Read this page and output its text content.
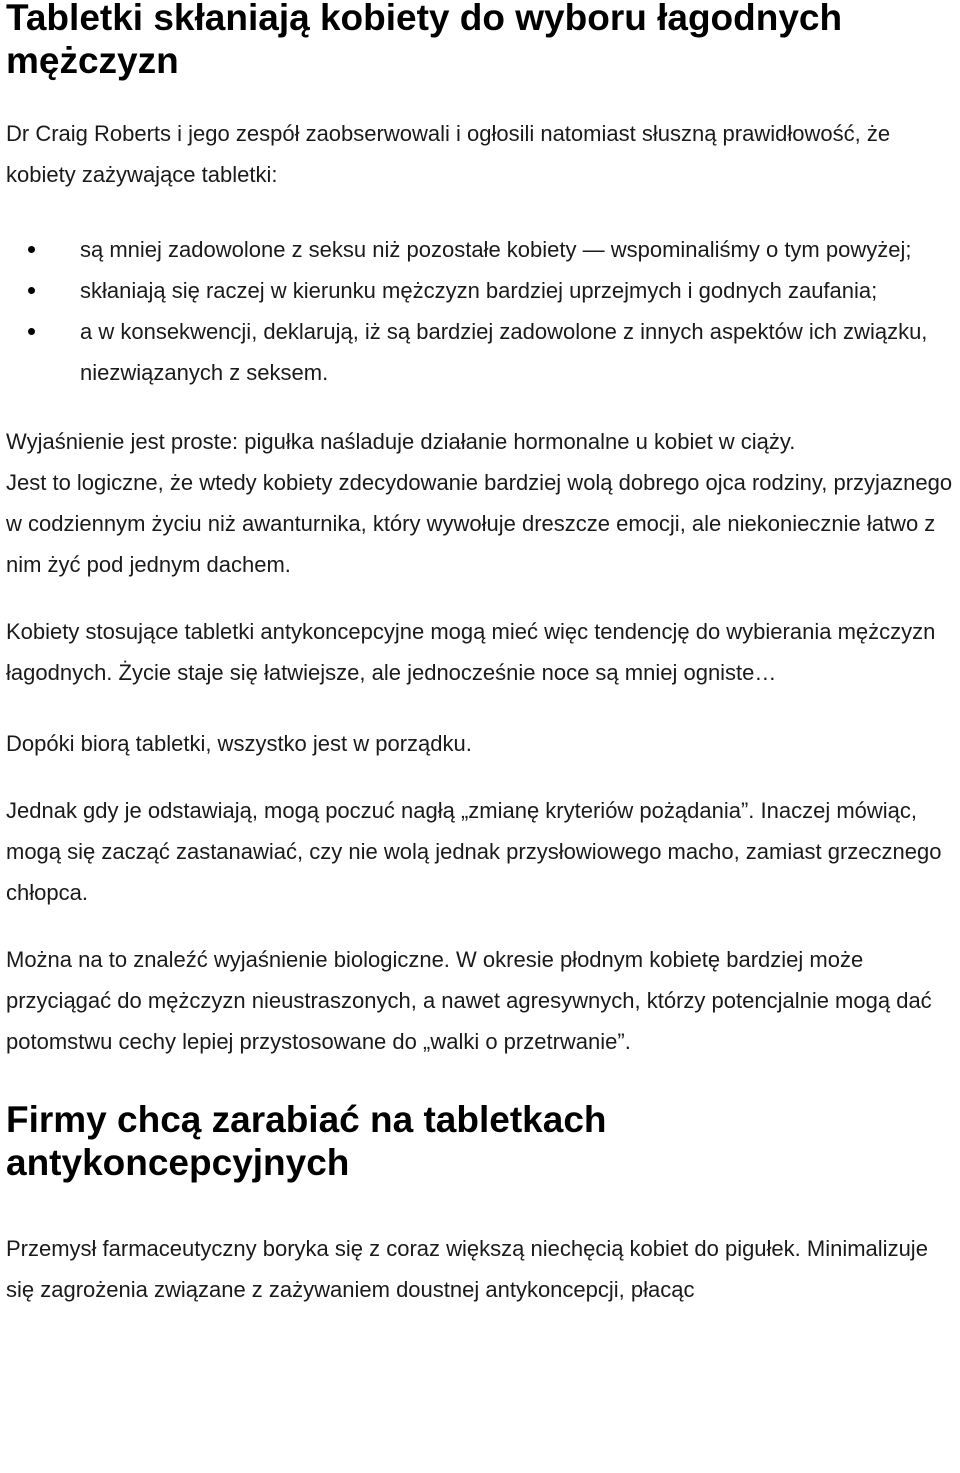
Tabletki skłaniają kobiety do wyboru łagodnych mężczyzn

Dr Craig Roberts i jego zespół zaobserwowali i ogłosili natomiast słuszną prawidłowość, że kobiety zażywające tabletki:

są mniej zadowolone z seksu niż pozostałe kobiety — wspominaliśmy o tym powyżej;
skłaniają się raczej w kierunku mężczyzn bardziej uprzejmych i godnych zaufania;
a w konsekwencji, deklarują, iż są bardziej zadowolone z innych aspektów ich związku, niezwiązanych z seksem.

Wyjaśnienie jest proste: pigułka naśladuje działanie hormonalne u kobiet w ciąży.

Jest to logiczne, że wtedy kobiety zdecydowanie bardziej wolą dobrego ojca rodziny, przyjaznego w codziennym życiu niż awanturnika, który wywołuje dreszcze emocji, ale niekoniecznie łatwo z nim żyć pod jednym dachem.

Kobiety stosujące tabletki antykoncepcyjne mogą mieć więc tendencję do wybierania mężczyzn łagodnych. Życie staje się łatwiejsze, ale jednocześnie noce są mniej ogniste…

Dopóki biorą tabletki, wszystko jest w porządku.

Jednak gdy je odstawiają, mogą poczuć nagłą „zmianę kryteriów pożądania”. Inaczej mówiąc, mogą się zacząć zastanawiać, czy nie wolą jednak przysłowiowego macho, zamiast grzecznego chłopca.

Można na to znaleźć wyjaśnienie biologiczne. W okresie płodnym kobietę bardziej może przyciągać do mężczyzn nieustraszonych, a nawet agresywnych, którzy potencjalnie mogą dać potomstwu cechy lepiej przystosowane do „walki o przetrwanie”.

Firmy chcą zarabiać na tabletkach antykoncepcyjnych

Przemysł farmaceutyczny boryka się z coraz większą niechęcią kobiet do pigułek. Minimalizuje się zagrożenia związane z zażywaniem doustnej antykoncepcji, płacąc
